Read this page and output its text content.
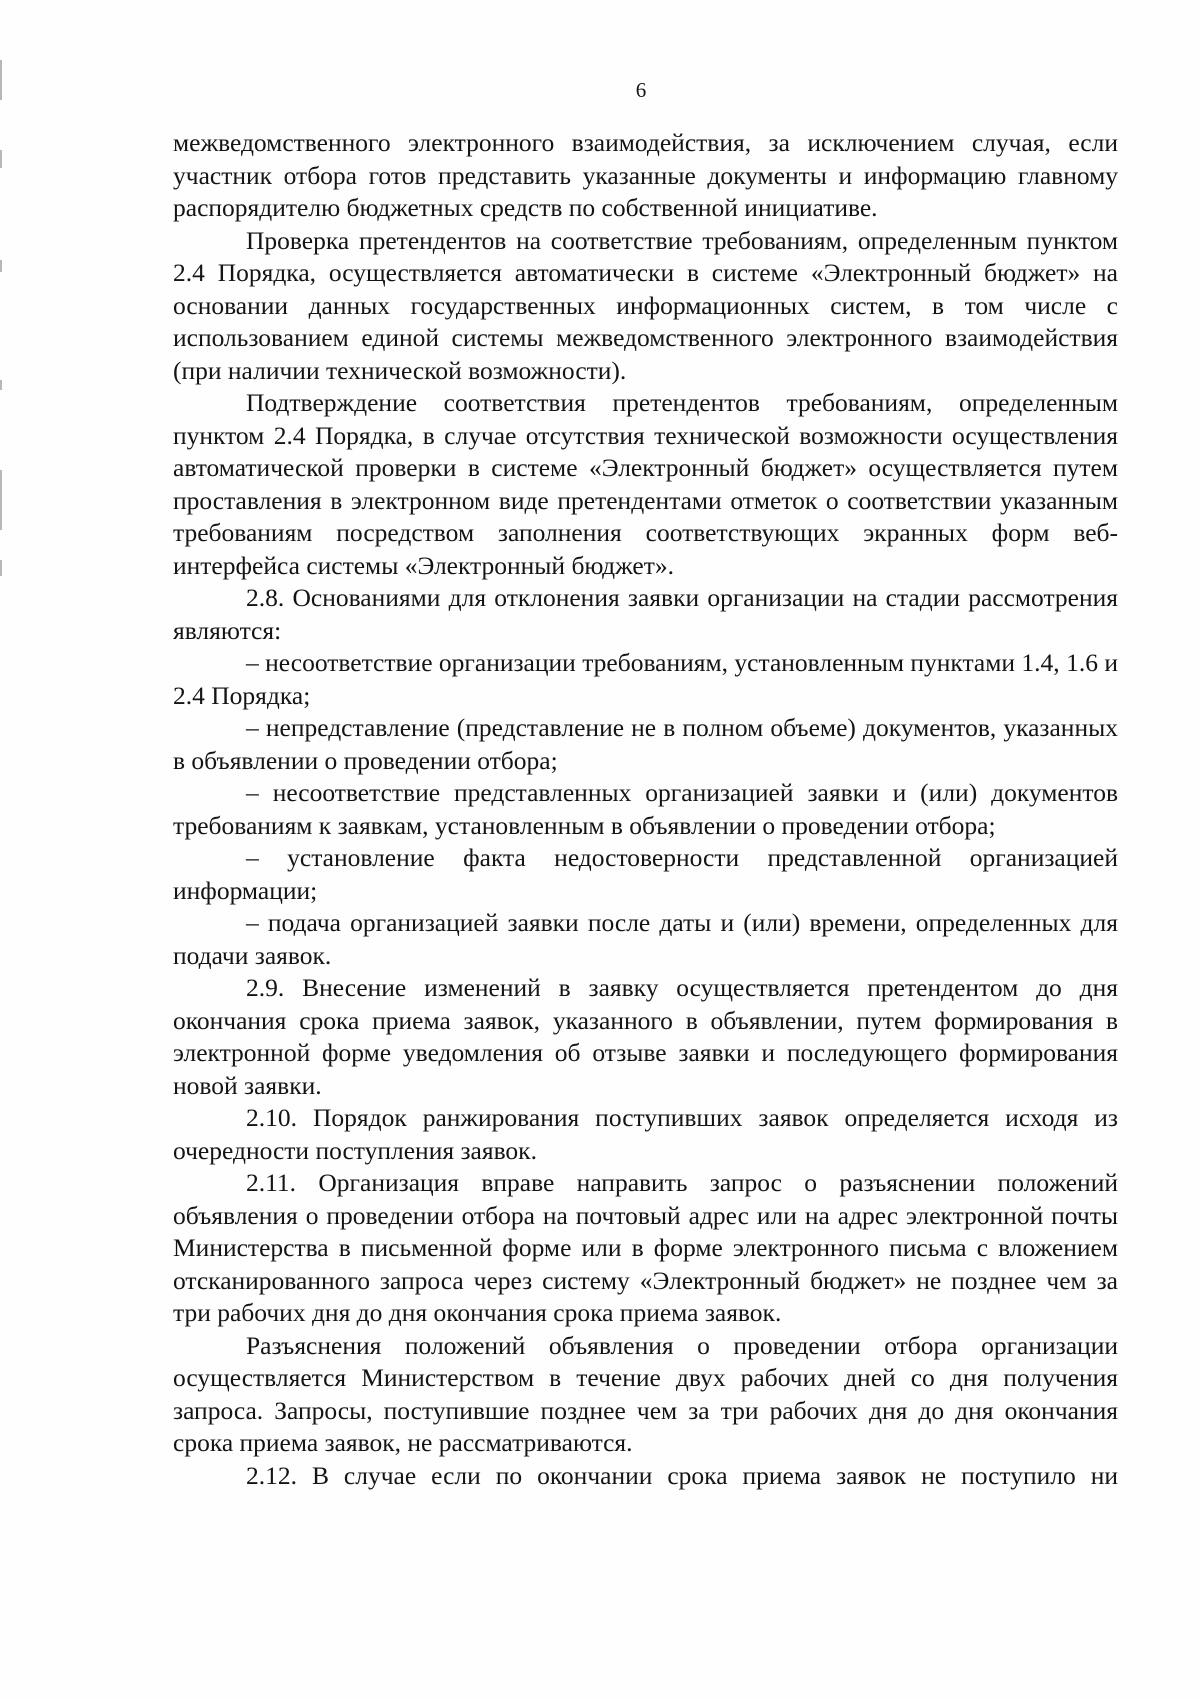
6

межведомственного электронного взаимодействия, за исключением случая, если участник отбора готов представить указанные документы и информацию главному распорядителю бюджетных средств по собственной инициативе.

Проверка претендентов на соответствие требованиям, определенным пунктом 2.4 Порядка, осуществляется автоматически в системе «Электронный бюджет» на основании данных государственных информационных систем, в том числе с использованием единой системы межведомственного электронного взаимодействия (при наличии технической возможности).

Подтверждение соответствия претендентов требованиям, определенным пунктом 2.4 Порядка, в случае отсутствия технической возможности осуществления автоматической проверки в системе «Электронный бюджет» осуществляется путем проставления в электронном виде претендентами отметок о соответствии указанным требованиям посредством заполнения соответствующих экранных форм веб-интерфейса системы «Электронный бюджет».

2.8. Основаниями для отклонения заявки организации на стадии рассмотрения являются:

– несоответствие организации требованиям, установленным пунктами 1.4, 1.6 и 2.4 Порядка;

– непредставление (представление не в полном объеме) документов, указанных в объявлении о проведении отбора;

– несоответствие представленных организацией заявки и (или) документов требованиям к заявкам, установленным в объявлении о проведении отбора;

– установление факта недостоверности представленной организацией информации;

– подача организацией заявки после даты и (или) времени, определенных для подачи заявок.

2.9. Внесение изменений в заявку осуществляется претендентом до дня окончания срока приема заявок, указанного в объявлении, путем формирования в электронной форме уведомления об отзыве заявки и последующего формирования новой заявки.

2.10. Порядок ранжирования поступивших заявок определяется исходя из очередности поступления заявок.

2.11. Организация вправе направить запрос о разъяснении положений объявления о проведении отбора на почтовый адрес или на адрес электронной почты Министерства в письменной форме или в форме электронного письма с вложением отсканированного запроса через систему «Электронный бюджет» не позднее чем за три рабочих дня до дня окончания срока приема заявок.

Разъяснения положений объявления о проведении отбора организации осуществляется Министерством в течение двух рабочих дней со дня получения запроса. Запросы, поступившие позднее чем за три рабочих дня до дня окончания срока приема заявок, не рассматриваются.

2.12. В случае если по окончании срока приема заявок не поступило ни
